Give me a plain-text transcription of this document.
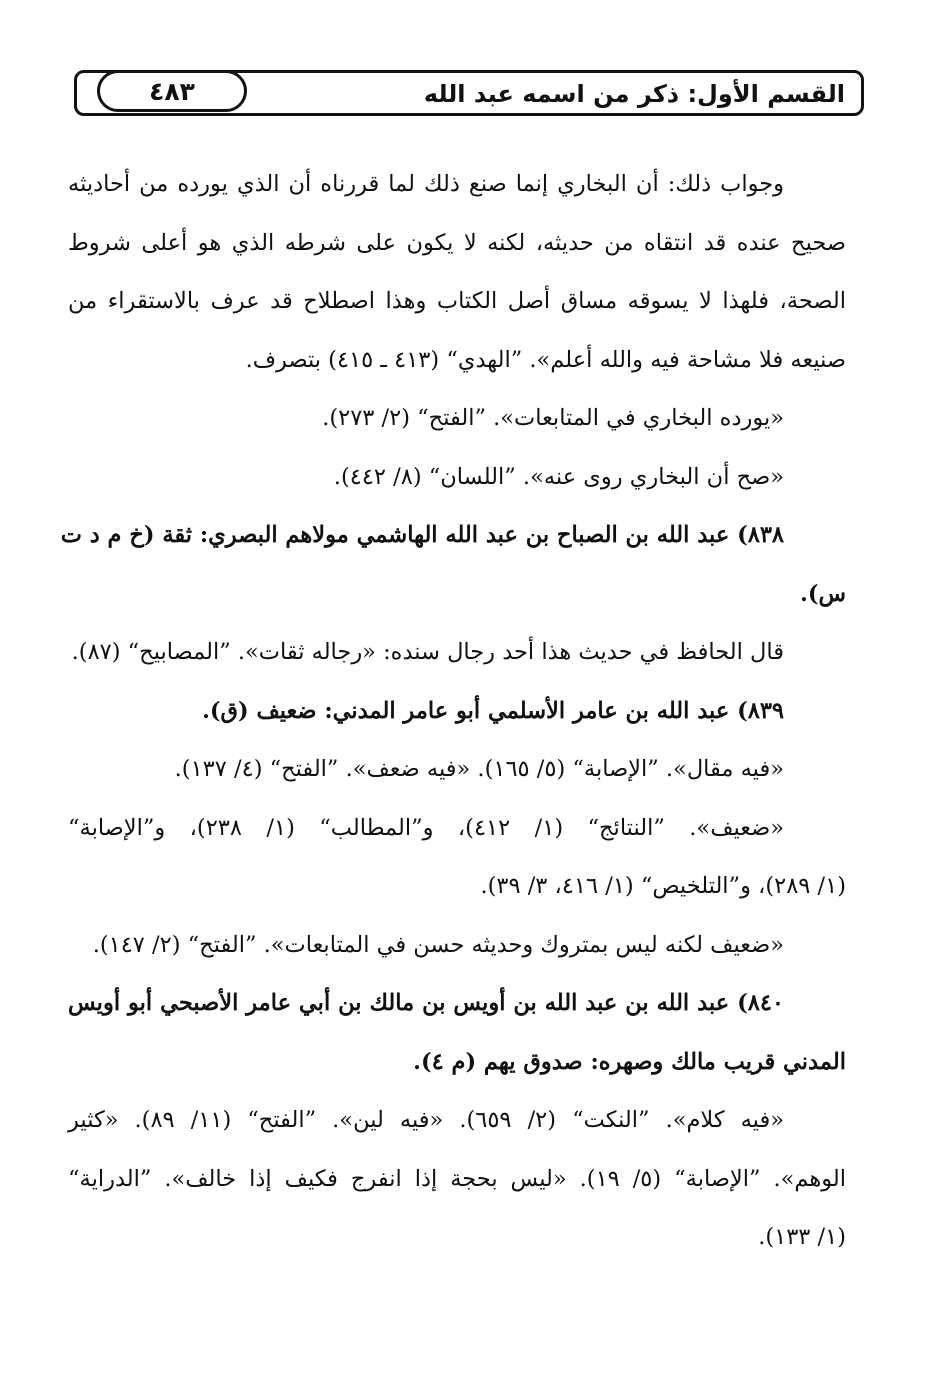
القسم الأول: ذكر من اسمه عبد الله
٤٨٣
وجواب ذلك: أن البخاري إنما صنع ذلك لما قررناه أن الذي يورده من أحاديثه
صحيح عنده قد انتقاه من حديثه، لكنه لا يكون على شرطه الذي هو أعلى شروط
الصحة، فلهذا لا يسوقه مساق أصل الكتاب وهذا اصطلاح قد عرف بالاستقراء من
صنيعه فلا مشاحة فيه والله أعلم». ”الهدي“ (٤١٣ ـ ٤١٥) بتصرف.
«يورده البخاري في المتابعات». ”الفتح“ (٢/ ٢٧٣).
«صح أن البخاري روى عنه». ”اللسان“ (٨/ ٤٤٢).
٨٣٨) عبد الله بن الصباح بن عبد الله الهاشمي مولاهم البصري: ثقة (خ م د ت
س).
قال الحافظ في حديث هذا أحد رجال سنده: «رجاله ثقات». ”المصابيح“ (٨٧).
٨٣٩) عبد الله بن عامر الأسلمي أبو عامر المدني: ضعيف (ق).
«فيه مقال». ”الإصابة“ (٥/ ١٦٥). «فيه ضعف». ”الفتح“ (٤/ ١٣٧).
«ضعيف». ”النتائج“ (١/ ٤١٢)، و”المطالب“ (١/ ٢٣٨)، و”الإصابة“
(١/ ٢٨٩)، و”التلخيص“ (١/ ٤١٦، ٣/ ٣٩).
«ضعيف لكنه ليس بمتروك وحديثه حسن في المتابعات». ”الفتح“ (٢/ ١٤٧).
٨٤٠) عبد الله بن عبد الله بن أويس بن مالك بن أبي عامر الأصبحي أبو أويس
المدني قريب مالك وصهره: صدوق يهم (م ٤).
«فيه كلام». ”النكت“ (٢/ ٦٥٩). «فيه لين». ”الفتح“ (١١/ ٨٩). «كثير
الوهم». ”الإصابة“ (٥/ ١٩). «ليس بحجة إذا انفرج فكيف إذا خالف». ”الدراية“
(١/ ١٣٣).
